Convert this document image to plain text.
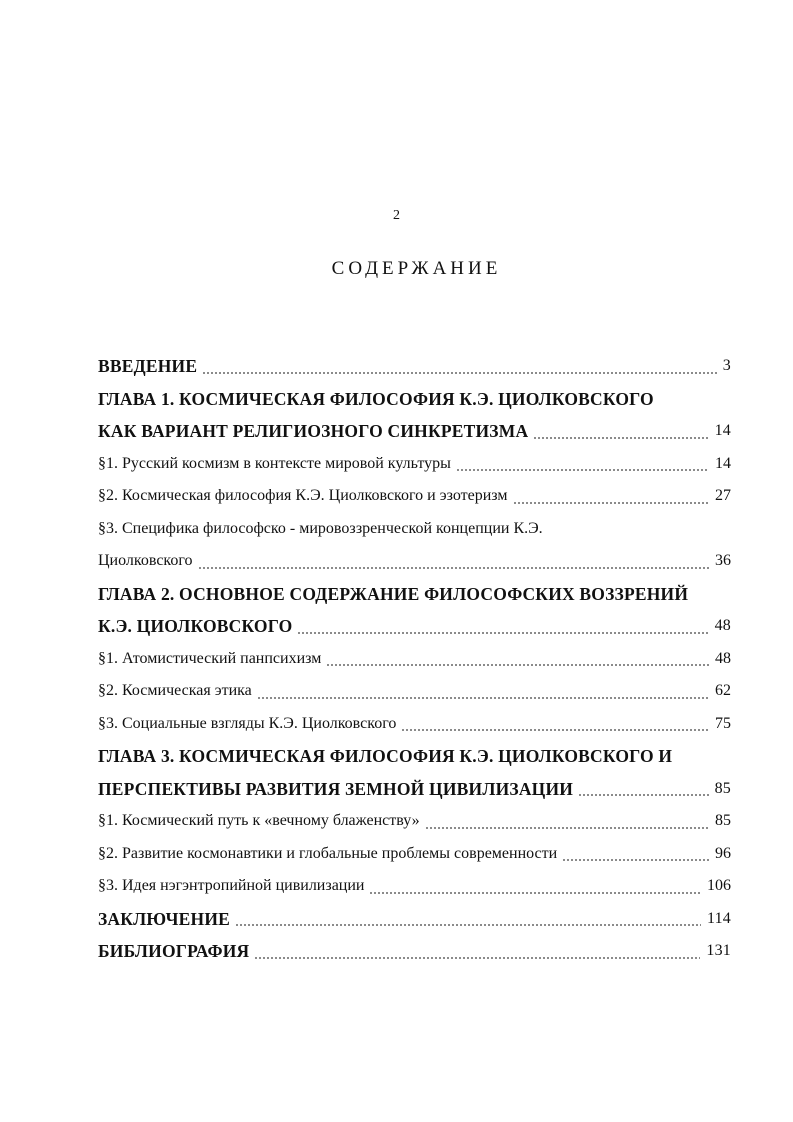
2
СОДЕРЖАНИЕ
ВВЕДЕНИЕ	3
ГЛАВА 1. КОСМИЧЕСКАЯ ФИЛОСОФИЯ К.Э. ЦИОЛКОВСКОГО
КАК ВАРИАНТ РЕЛИГИОЗНОГО СИНКРЕТИЗМА	14
§1. Русский космизм в контексте мировой культуры	14
§2. Космическая философия К.Э. Циолковского и эзотеризм	27
§3. Специфика философско - мировоззренческой концепции К.Э.
Циолковского	36
ГЛАВА 2. ОСНОВНОЕ СОДЕРЖАНИЕ ФИЛОСОФСКИХ ВОЗЗРЕНИЙ
К.Э. ЦИОЛКОВСКОГО	48
§1. Атомистический панпсихизм	48
§2. Космическая этика	62
§3. Социальные взгляды К.Э. Циолковского	75
ГЛАВА 3. КОСМИЧЕСКАЯ ФИЛОСОФИЯ К.Э. ЦИОЛКОВСКОГО И
ПЕРСПЕКТИВЫ РАЗВИТИЯ ЗЕМНОЙ ЦИВИЛИЗАЦИИ	85
§1. Космический путь к «вечному блаженству»	85
§2. Развитие космонавтики и глобальные проблемы современности	96
§3. Идея нэгэнтропийной цивилизации	106
ЗАКЛЮЧЕНИЕ	114
БИБЛИОГРАФИЯ	131
